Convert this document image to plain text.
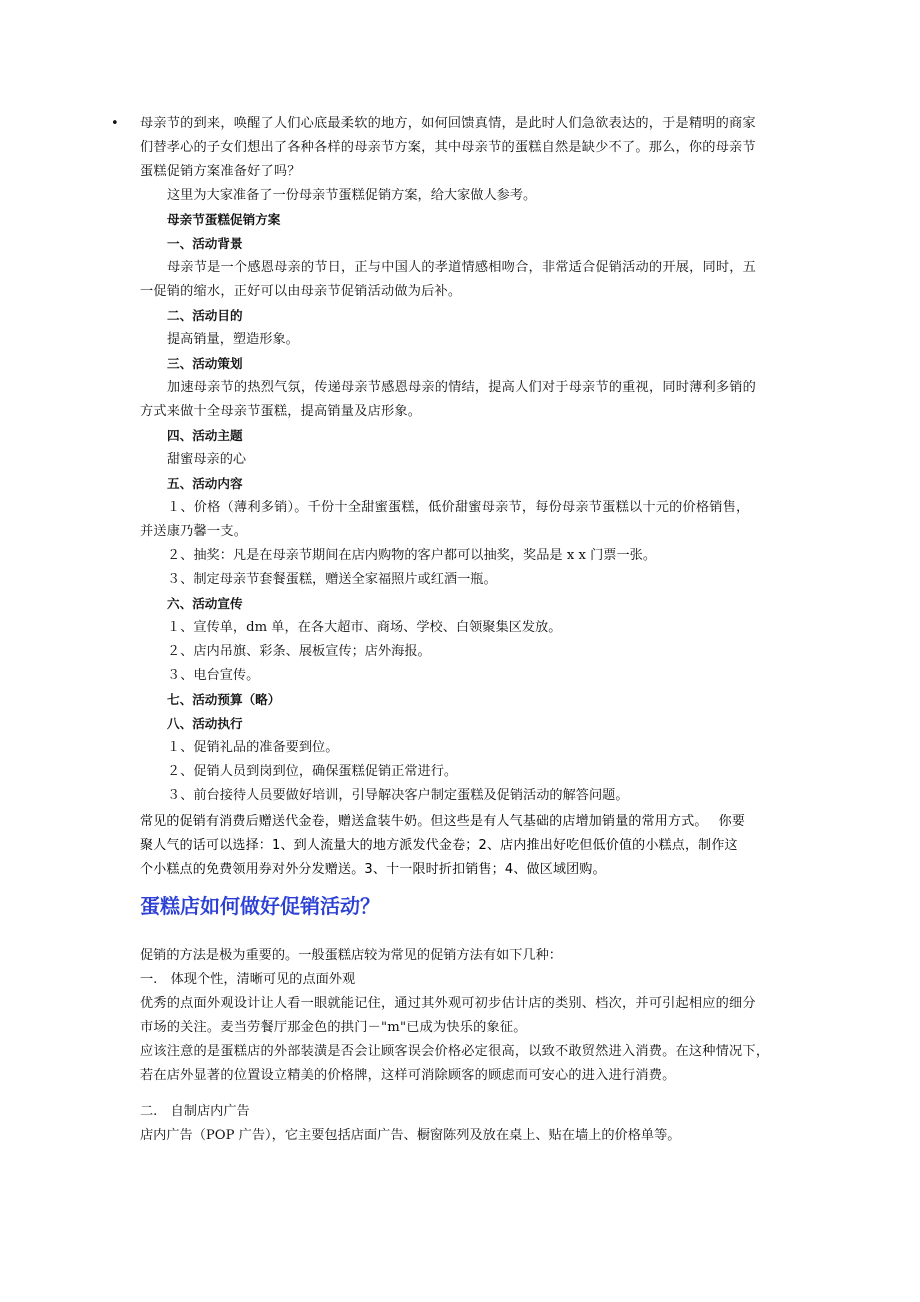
• 母亲节的到来，唤醒了人们心底最柔软的地方，如何回馈真情，是此时人们急欲表达的，于是精明的商家
们替孝心的子女们想出了各种各样的母亲节方案，其中母亲节的蛋糕自然是缺少不了。那么，你的母亲节
蛋糕促销方案准备好了吗？

这里为大家准备了一份母亲节蛋糕促销方案，给大家做人参考。

母亲节蛋糕促销方案

一、活动背景

母亲节是一个感恩母亲的节日，正与中国人的孝道情感相吻合，非常适合促销活动的开展，同时，五
一促销的缩水，正好可以由母亲节促销活动做为后补。

二、活动目的

提高销量，塑造形象。

三、活动策划

加速母亲节的热烈气氛，传递母亲节感恩母亲的情结，提高人们对于母亲节的重视，同时薄利多销的
方式来做十全母亲节蛋糕，提高销量及店形象。

四、活动主题

甜蜜母亲的心

五、活动内容

１、价格（薄利多销）。千份十全甜蜜蛋糕，低价甜蜜母亲节，每份母亲节蛋糕以十元的价格销售，
并送康乃馨一支。

２、抽奖：凡是在母亲节期间在店内购物的客户都可以抽奖，奖品是 x x 门票一张。

３、制定母亲节套餐蛋糕，赠送全家福照片或红酒一瓶。

六、活动宣传

１、宣传单，dm 单，在各大超市、商场、学校、白领聚集区发放。

２、店内吊旗、彩条、展板宣传；店外海报。

３、电台宣传。

七、活动预算（略）

八、活动执行

１、促销礼品的准备要到位。

２、促销人员到岗到位，确保蛋糕促销正常进行。

３、前台接待人员要做好培训，引导解决客户制定蛋糕及促销活动的解答问题。

常见的促销有消费后赠送代金卷，赠送盒装牛奶。但这些是有人气基础的店增加销量的常用方式。　 你要
聚人气的话可以选择：1、到人流量大的地方派发代金卷；2、店内推出好吃但低价值的小糕点，制作这
个小糕点的免费领用券对外分发赠送。3、十一限时折扣销售；4、做区域团购。

蛋糕店如何做好促销活动？

促销的方法是极为重要的。一般蛋糕店较为常见的促销方法有如下几种：

一.　体现个性，清晰可见的点面外观

优秀的点面外观设计让人看一眼就能记住，通过其外观可初步估计店的类别、档次，并可引起相应的细分
市场的关注。麦当劳餐厅那金色的拱门－"m"已成为快乐的象征。
应该注意的是蛋糕店的外部装潢是否会让顾客误会价格必定很高，以致不敢贸然进入消费。在这种情况下，
若在店外显著的位置设立精美的价格牌，这样可消除顾客的顾虑而可安心的进入进行消费。

二.　自制店内广告

店内广告（POP 广告），它主要包括店面广告、橱窗陈列及放在桌上、贴在墙上的价格单等。
